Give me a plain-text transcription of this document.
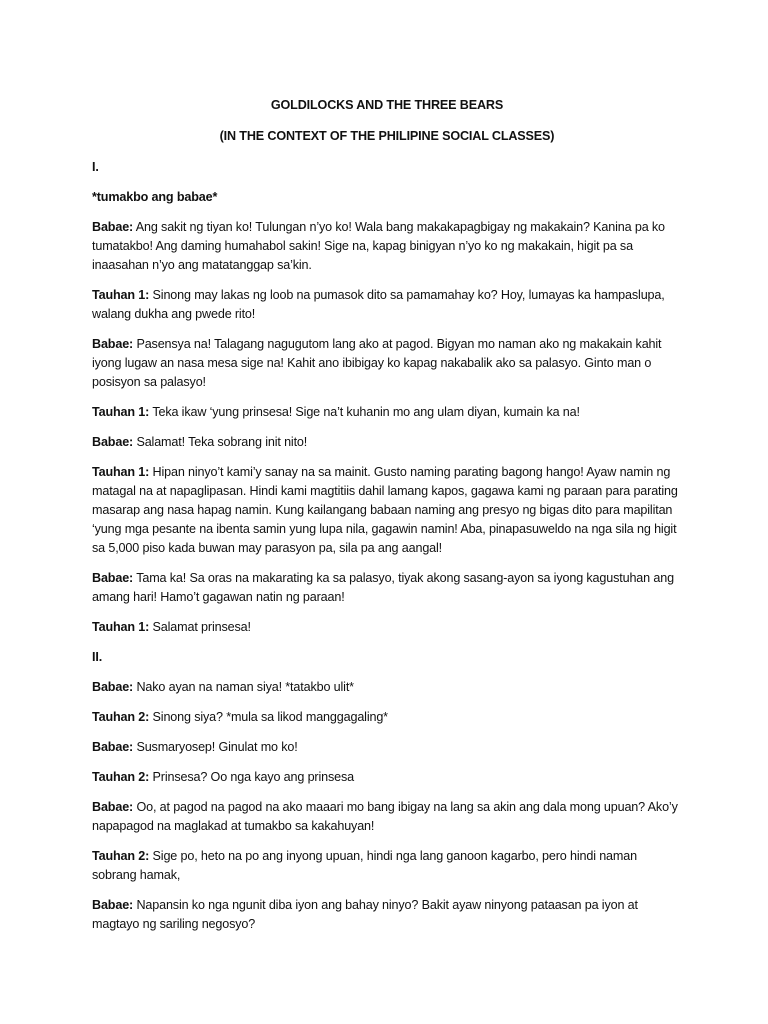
GOLDILOCKS AND THE THREE BEARS

(IN THE CONTEXT OF THE PHILIPINE SOCIAL CLASSES)

I.

*tumakbo ang babae*

Babae: Ang sakit ng tiyan ko! Tulungan n’yo ko! Wala bang makakapagbigay ng makakain? Kanina pa ko tumatakbo! Ang daming humahabol sakin! Sige na, kapag binigyan n’yo ko ng makakain, higit pa sa inaasahan n’yo ang matatanggap sa’kin.

Tauhan 1: Sinong may lakas ng loob na pumasok dito sa pamamahay ko? Hoy, lumayas ka hampaslupa, walang dukha ang pwede rito!

Babae: Pasensya na! Talagang nagugutom lang ako at pagod. Bigyan mo naman ako ng makakain kahit iyong lugaw an nasa mesa sige na! Kahit ano ibibigay ko kapag nakabalik ako sa palasyo. Ginto man o posisyon sa palasyo!

Tauhan 1: Teka ikaw ‘yung prinsesa! Sige na’t kuhanin mo ang ulam diyan, kumain ka na!

Babae: Salamat! Teka sobrang init nito!

Tauhan 1: Hipan ninyo’t kami’y sanay na sa mainit. Gusto naming parating bagong hango! Ayaw namin ng matagal na at napaglipasan. Hindi kami magtitiis dahil lamang kapos, gagawa kami ng paraan para parating masarap ang nasa hapag namin. Kung kailangang babaan naming ang presyo ng bigas dito para mapilitan ‘yung mga pesante na ibenta samin yung lupa nila, gagawin namin! Aba, pinapasuweldo na nga sila ng higit sa 5,000 piso kada buwan may parasyon pa, sila pa ang aangal!

Babae: Tama ka! Sa oras na makarating ka sa palasyo, tiyak akong sasang-ayon sa iyong kagustuhan ang amang hari! Hamo’t gagawan natin ng paraan!

Tauhan 1: Salamat prinsesa!

II.

Babae: Nako ayan na naman siya! *tatakbo ulit*

Tauhan 2: Sinong siya? *mula sa likod manggagaling*

Babae: Susmaryosep! Ginulat mo ko!

Tauhan 2: Prinsesa? Oo nga kayo ang prinsesa

Babae: Oo, at pagod na pagod na ako maaari mo bang ibigay na lang sa akin ang dala mong upuan? Ako’y napapagod na maglakad at tumakbo sa kakahuyan!

Tauhan 2: Sige po, heto na po ang inyong upuan, hindi nga lang ganoon kagarbo, pero hindi naman sobrang hamak,

Babae: Napansin ko nga ngunit diba iyon ang bahay ninyo? Bakit ayaw ninyong pataasan pa iyon at magtayo ng sariling negosyo?
